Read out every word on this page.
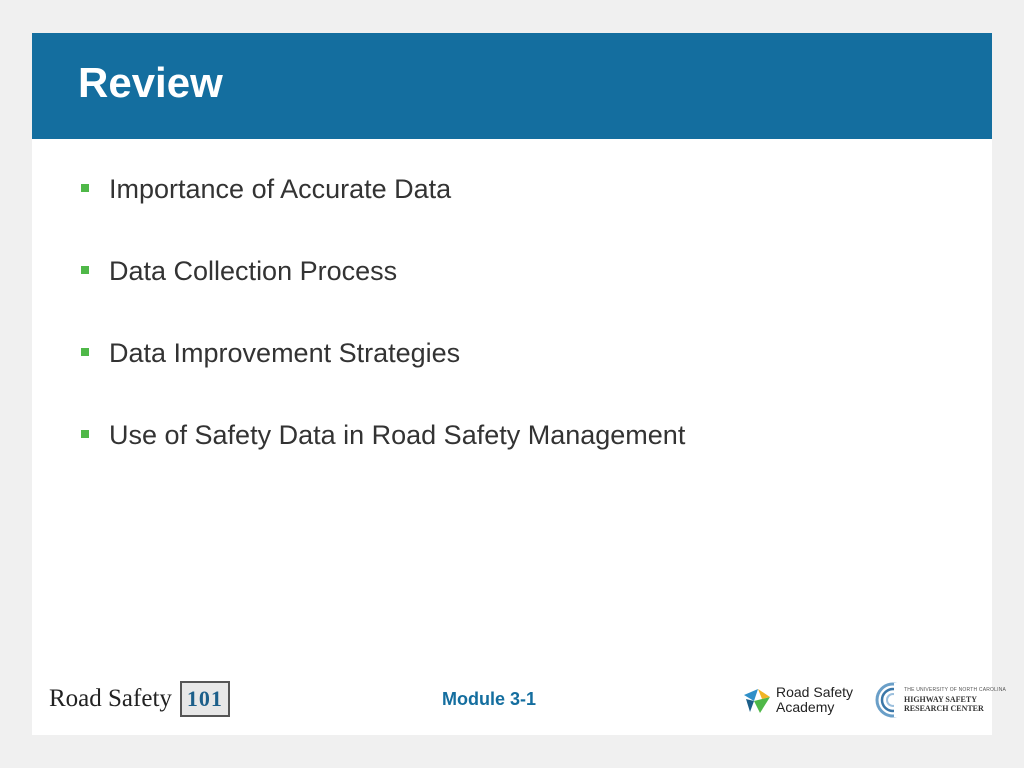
Review
Importance of Accurate Data
Data Collection Process
Data Improvement Strategies
Use of Safety Data in Road Safety Management
Road Safety 101	Module 3-1	Road Safety
Academy
THE UNIVERSITY OF NORTH CAROLINA
HIGHWAY SAFETY
RESEARCH CENTER
